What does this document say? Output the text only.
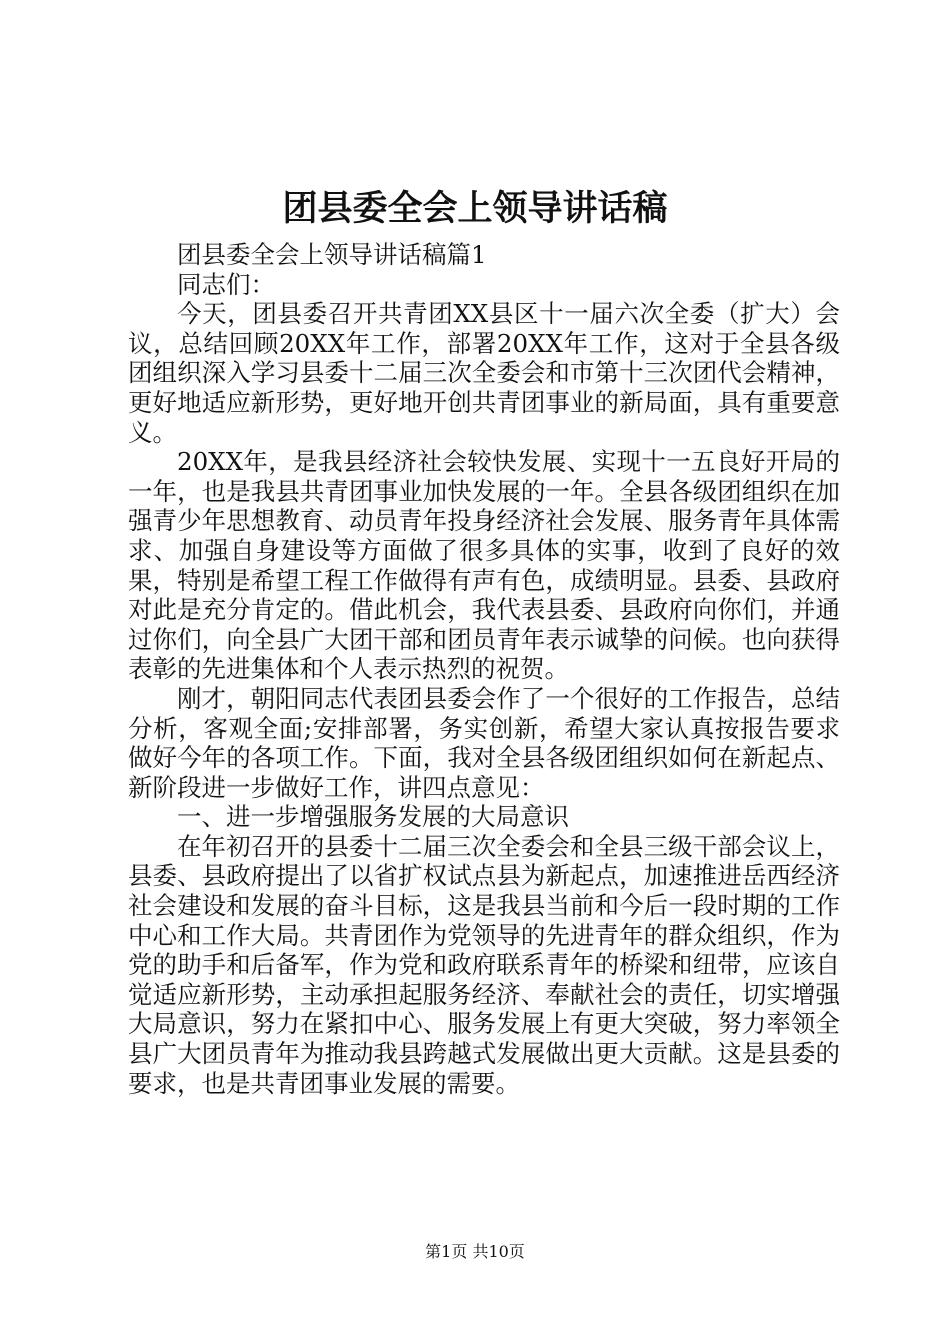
团县委全会上领导讲话稿

团县委全会上领导讲话稿篇1

同志们：

今天，团县委召开共青团XX县区十一届六次全委（扩大）会议，总结回顾20XX年工作，部署20XX年工作，这对于全县各级团组织深入学习县委十二届三次全委会和市第十三次团代会精神，更好地适应新形势，更好地开创共青团事业的新局面，具有重要意义。

20XX年，是我县经济社会较快发展、实现十一五良好开局的一年，也是我县共青团事业加快发展的一年。全县各级团组织在加强青少年思想教育、动员青年投身经济社会发展、服务青年具体需求、加强自身建设等方面做了很多具体的实事，收到了良好的效果，特别是希望工程工作做得有声有色，成绩明显。县委、县政府对此是充分肯定的。借此机会，我代表县委、县政府向你们，并通过你们，向全县广大团干部和团员青年表示诚挚的问候。也向获得表彰的先进集体和个人表示热烈的祝贺。

刚才，朝阳同志代表团县委会作了一个很好的工作报告，总结分析，客观全面;安排部署，务实创新，希望大家认真按报告要求做好今年的各项工作。下面，我对全县各级团组织如何在新起点、新阶段进一步做好工作，讲四点意见：

一、进一步增强服务发展的大局意识

在年初召开的县委十二届三次全委会和全县三级干部会议上，县委、县政府提出了以省扩权试点县为新起点，加速推进岳西经济社会建设和发展的奋斗目标，这是我县当前和今后一段时期的工作中心和工作大局。共青团作为党领导的先进青年的群众组织，作为党的助手和后备军，作为党和政府联系青年的桥梁和纽带，应该自觉适应新形势，主动承担起服务经济、奉献社会的责任，切实增强大局意识，努力在紧扣中心、服务发展上有更大突破，努力率领全县广大团员青年为推动我县跨越式发展做出更大贡献。这是县委的要求，也是共青团事业发展的需要。

第1页 共10页
